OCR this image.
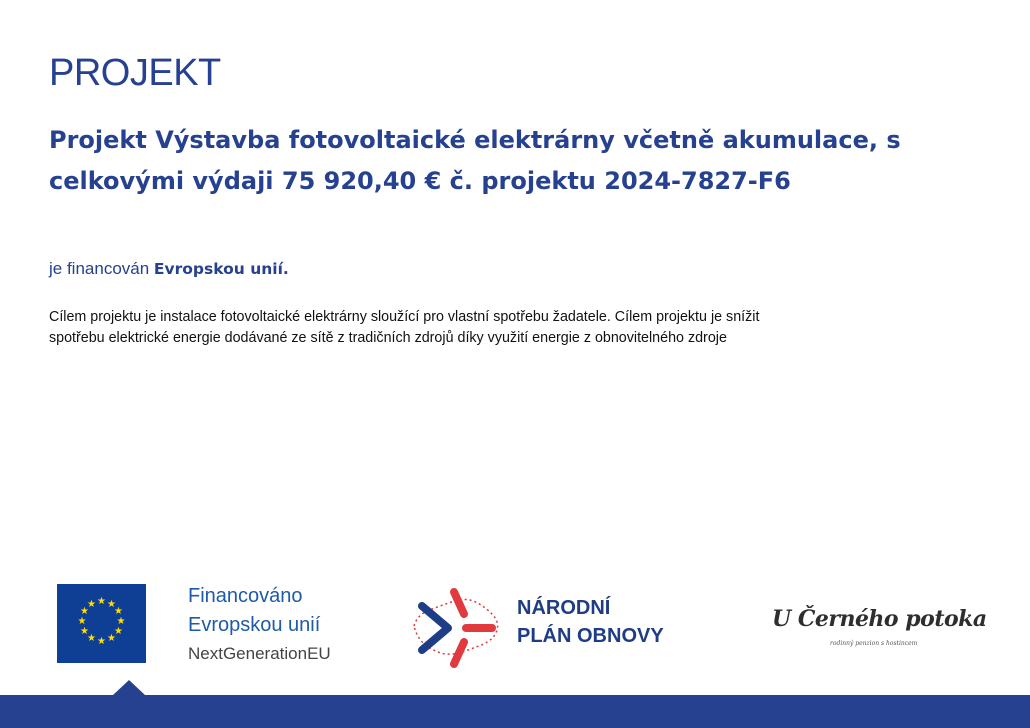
PROJEKT
Projekt Výstavba fotovoltaické elektrárny včetně akumulace, s celkovými výdaji 75 920,40 € č. projektu 2024-7827-F6
je financován Evropskou unií.
Cílem projektu je instalace fotovoltaické elektrárny sloužící pro vlastní spotřebu žadatele. Cílem projektu je snížit
spotřebu elektrické energie dodávané ze sítě z tradičních zdrojů díky využití energie z obnovitelného zdroje
★ ★
★
★
★
★
★
★
★
★
★
★	Financováno
Evropskou unií
NextGenerationEU
NÁRODNÍ
PLÁN OBNOVY
U Černého potoka
rodinný penzion s hostincem
